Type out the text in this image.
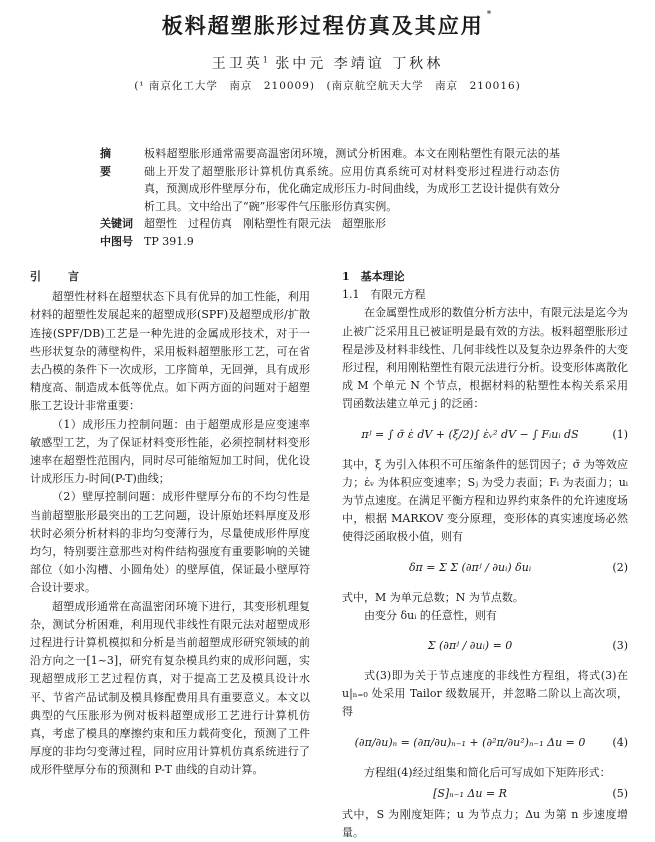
板料超塑胀形过程仿真及其应用 *
王卫英$^1$ 张中元 李靖谊 丁秋林
(¹ 南京化工大学　南京　210009)　(南京航空航天大学　南京　210016)
摘　要
板料超塑胀形通常需要高温密闭环境，测试分析困难。本文在刚粘塑性有限元法的基础上开发了超塑胀形计算机仿真系统。应用仿真系统可对材料变形过程进行动态仿真，预测成形件壁厚分布，优化确定成形压力-时间曲线，为成形工艺设计提供有效分析工具。文中给出了“碗”形零件气压胀形仿真实例。
关键词	超塑性　过程仿真　刚粘塑性有限元法　超塑胀形
中图号	TP 391.9
引　言

超塑性材料在超塑状态下具有优异的加工性能，利用材料的超塑性发展起来的超塑成形(SPF)及超塑成形/扩散连接(SPF/DB)工艺是一种先进的金属成形技术，对于一些形状复杂的薄壁构件，采用板料超塑胀形工艺，可在省去凸模的条件下一次成形，工序简单，无回弹，具有成形精度高、制造成本低等优点。如下两方面的问题对于超塑胀工艺设计非常重要：

（1）成形压力控制问题：由于超塑成形是应变速率敏感型工艺，为了保证材料变形性能，必须控制材料变形速率在超塑性范围内，同时尽可能缩短加工时间，优化设计成形压力-时间(P-T)曲线；

（2）壁厚控制问题：成形件壁厚分布的不均匀性是当前超塑胀形最突出的工艺问题，设计原始坯料厚度及形状时必须分析材料的非均匀变薄行为，尽量使成形件厚度均匀，特别要注意那些对构件结构强度有重要影响的关键部位（如小沟槽、小圆角处）的壁厚值，保证最小壁厚符合设计要求。

超塑成形通常在高温密闭环境下进行，其变形机理复杂，测试分析困难，利用现代非线性有限元法对超塑成形过程进行计算机模拟和分析是当前超塑成形研究领域的前沿方向之一[1~3]，研究有复杂模具约束的成形问题，实现超塑成形工艺过程仿真，对于提高工艺及模具设计水平、节省产品试制及模具修配费用具有重要意义。本文以典型的气压胀形为例对板料超塑成形工艺进行计算机仿真，考虑了模具的摩擦约束和压力载荷变化，预测了工件厚度的非均匀变薄过程，同时应用计算机仿真系统进行了成形件壁厚分布的预测和 P-T 曲线的自动计算。

1　基本理论
1.1　有限元方程

在金属塑性成形的数值分析方法中，有限元法是迄今为止被广泛采用且已被证明是最有效的方法。板料超塑胀形过程是涉及材料非线性、几何非线性以及复杂边界条件的大变形过程，利用刚粘塑性有限元法进行分析。设变形体离散化成 M 个单元 N 个节点，根据材料的粘塑性本构关系采用罚函数法建立单元 j 的泛函：

πʲ = ∫ σ̄ ε̇ dV + (ξ/2)∫ ε̇ᵥ² dV − ∫ Fᵢuᵢ dS	(1)

其中，ξ 为引入体积不可压缩条件的惩罚因子；σ̄ 为等效应力；ε̇ᵥ 为体积应变速率；Sⱼ 为受力表面；Fᵢ 为表面力；uᵢ 为节点速度。在满足平衡方程和边界约束条件的允许速度场中，根据 MARKOV 变分原理，变形体的真实速度场必然使得泛函取极小值，则有

δπ = Σ Σ (∂πʲ / ∂uᵢ) δuᵢ	(2)

式中，M 为单元总数；N 为节点数。

由变分 δuᵢ 的任意性，则有

Σ (∂πʲ / ∂uᵢ) = 0	(3)

式(3)即为关于节点速度的非线性方程组，将式(3)在 u|ₙ₌₀ 处采用 Tailor 级数展开，并忽略二阶以上高次项，得

(∂π/∂u)ₙ = (∂π/∂u)ₙ₋₁ + (∂²π/∂u²)ₙ₋₁ Δu = 0	(4)

方程组(4)经过组集和简化后可写成如下矩阵形式：

[S]ₙ₋₁ Δu = R	(5)

式中，S 为刚度矩阵；u 为节点力；Δu 为第 n 步速度增量。
